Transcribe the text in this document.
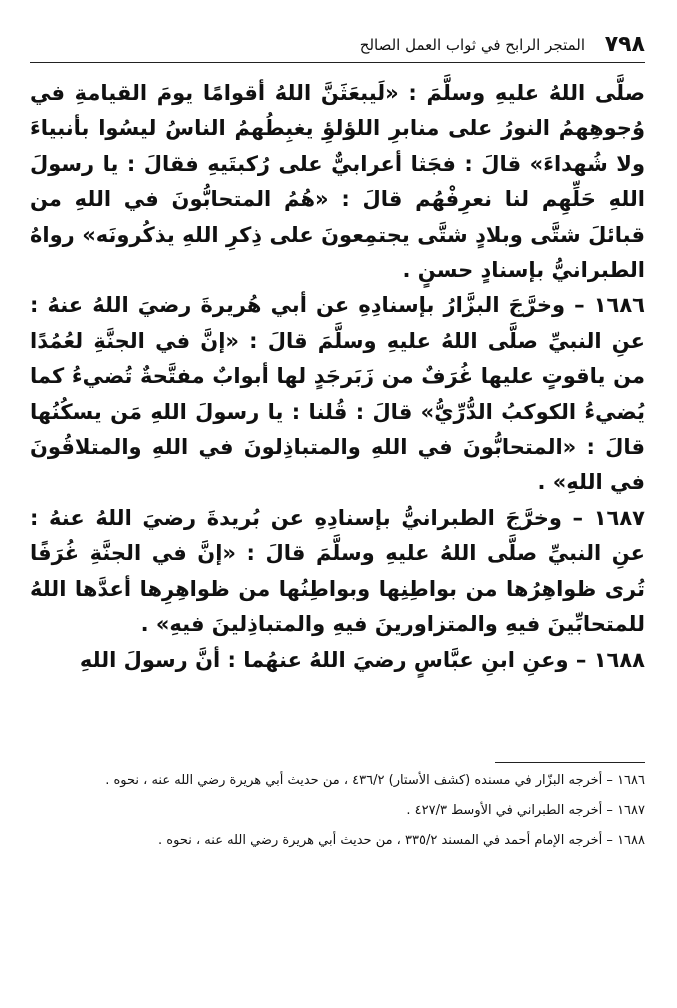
٧٩٨
المتجر الرابح في ثواب العمل الصالح

صلَّى اللهُ عليهِ وسلَّمَ : «لَيبعَثَنَّ اللهُ أقوامًا يومَ القيامةِ في وُجوهِهمُ النورُ على منابرِ اللؤلؤِ يغبِطُهمُ الناسُ ليسُوا بأنبياءَ ولا شُهداءَ» قالَ : فجَثا أعرابيٌّ على رُكبتَيهِ فقالَ : يا رسولَ اللهِ حَلِّهِم لنا نعرِفْهُم قالَ : «هُمُ المتحابُّونَ في اللهِ من قبائلَ شتَّى وبلادٍ شتَّى يجتمِعونَ على ذِكرِ اللهِ يذكُرونَه» رواهُ الطبرانيُّ بإسنادٍ حسنٍ .

١٦٨٦ – وخرَّجَ البزَّارُ بإسنادِهِ عن أبي هُريرةَ رضيَ اللهُ عنهُ : عنِ النبيِّ صلَّى اللهُ عليهِ وسلَّمَ قالَ : «إنَّ في الجنَّةِ لعُمُدًا من ياقوتٍ عليها غُرَفٌ من زَبَرجَدٍ لها أبوابٌ مفتَّحةٌ تُضيءُ كما يُضيءُ الكوكبُ الدُّرِّيُّ» قالَ : قُلنا : يا رسولَ اللهِ مَن يسكُنُها قالَ : «المتحابُّونَ في اللهِ والمتباذِلونَ في اللهِ والمتلاقُونَ في اللهِ» .

١٦٨٧ – وخرَّجَ الطبرانيُّ بإسنادِهِ عن بُريدةَ رضيَ اللهُ عنهُ : عنِ النبيِّ صلَّى اللهُ عليهِ وسلَّمَ قالَ : «إنَّ في الجنَّةِ غُرَفًا تُرى ظواهِرُها من بواطِنِها وبواطِنُها من ظواهِرِها أعدَّها اللهُ للمتحابِّينَ فيهِ والمتزاورينَ فيهِ والمتباذِلينَ فيهِ» .

١٦٨٨ – وعنِ ابنِ عبَّاسٍ رضيَ اللهُ عنهُما : أنَّ رسولَ اللهِ

١٦٨٦ – أخرجه البزّار في مسنده (كشف الأستار) ٤٣٦/٢ ، من حديث أبي هريرة رضي الله عنه ، نحوه .

١٦٨٧ – أخرجه الطبراني في الأوسط ٤٢٧/٣ .

١٦٨٨ – أخرجه الإمام أحمد في المسند ٣٣٥/٢ ، من حديث أبي هريرة رضي الله عنه ، نحوه .
